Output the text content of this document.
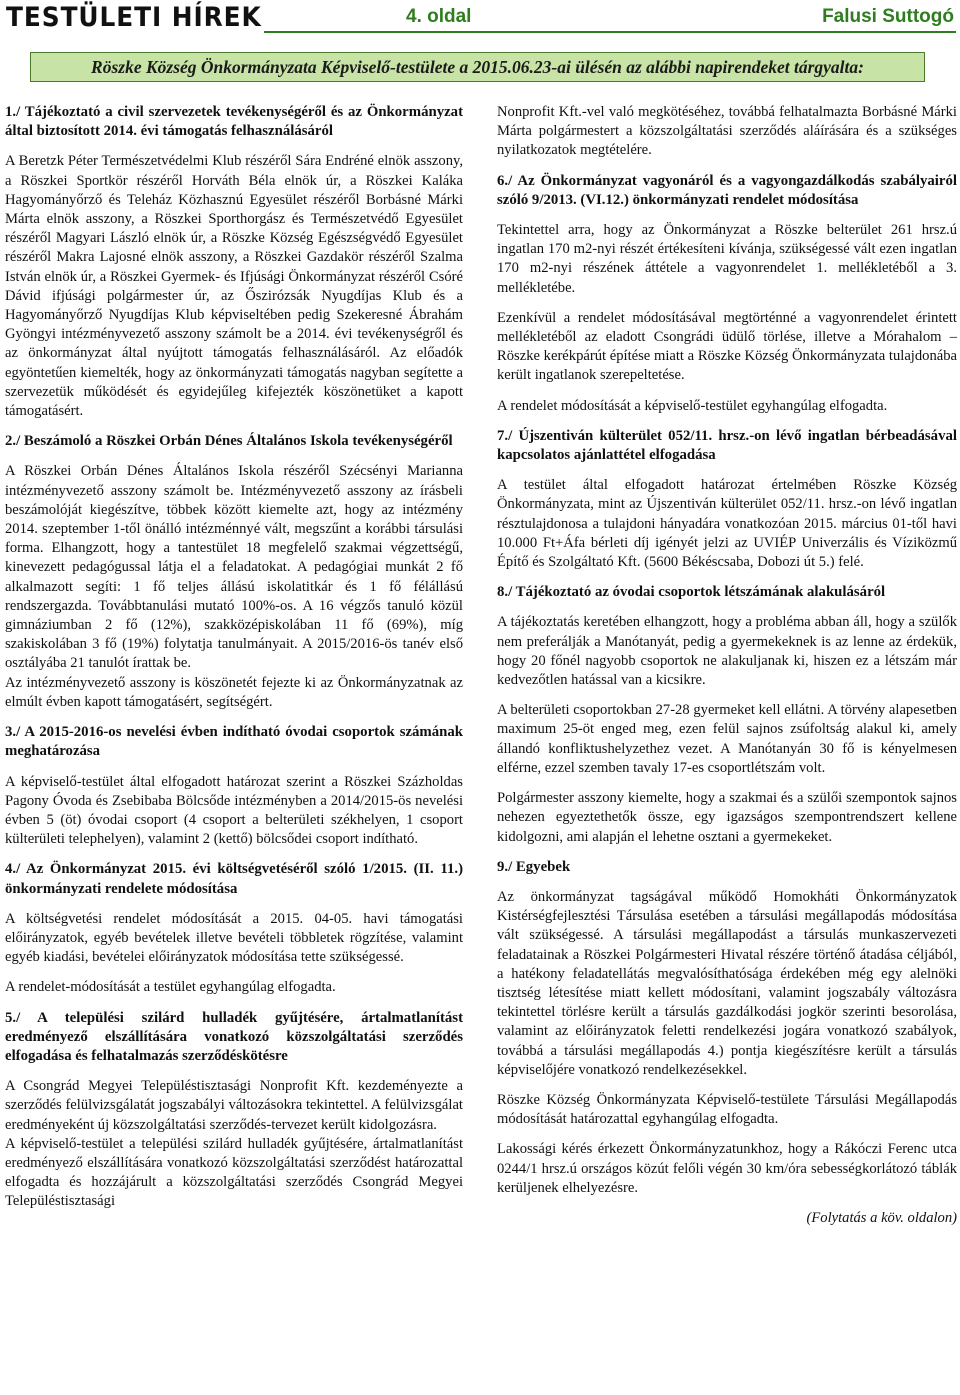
TESTÜLETI HÍREK	4. oldal	Falusi Suttogó
Röszke Község Önkormányzata Képviselő-testülete a 2015.06.23-ai ülésén az alábbi napirendeket tárgyalta:
1./ Tájékoztató a civil szervezetek tevékenységéről és az Önkormányzat által biztosított 2014. évi támogatás felhasználásáról

A Beretzk Péter Természetvédelmi Klub részéről Sára Endréné elnök asszony, a Röszkei Sportkör részéről Horváth Béla elnök úr, a Röszkei Kaláka Hagyományőrző és Teleház Közhasznú Egyesület részéről Borbásné Márki Márta elnök asszony, a Röszkei Sporthorgász és Természetvédő Egyesület részéről Magyari László elnök úr, a Röszke Község Egészségvédő Egyesület részéről Makra Lajosné elnök asszony, a Röszkei Gazdakör részéről Szalma István elnök úr, a Röszkei Gyermek- és Ifjúsági Önkormányzat részéről Csóré Dávid ifjúsági polgármester úr, az Őszirózsák Nyugdíjas Klub és a Hagyományőrző Nyugdíjas Klub képviseltében pedig Szekeresné Ábrahám Gyöngyi intézményvezető asszony számolt be a 2014. évi tevékenységről és az önkormányzat által nyújtott támogatás felhasználásáról. Az előadók egyöntetűen kiemelték, hogy az önkormányzati támogatás nagyban segítette a szervezetük működését és egyidejűleg kifejezték köszönetüket a kapott támogatásért.

2./ Beszámoló a Röszkei Orbán Dénes Általános Iskola tevékenységéről

A Röszkei Orbán Dénes Általános Iskola részéről Szécsényi Marianna intézményvezető asszony számolt be. Intézményvezető asszony az írásbeli beszámolóját kiegészítve, többek között kiemelte azt, hogy az intézmény 2014. szeptember 1-től önálló intézménnyé vált, megszűnt a korábbi társulási forma. Elhangzott, hogy a tantestület 18 megfelelő szakmai végzettségű, kinevezett pedagógussal látja el a feladatokat. A pedagógiai munkát 2 fő alkalmazott segíti: 1 fő teljes állású iskolatitkár és 1 fő félállású rendszergazda. Továbbtanulási mutató 100%-os. A 16 végzős tanuló közül gimnáziumban 2 fő (12%), szakközépiskolában 11 fő (69%), míg szakiskolában 3 fő (19%) folytatja tanulmányait. A 2015/2016-ös tanév első osztályába 21 tanulót írattak be.

Az intézményvezető asszony is köszönetét fejezte ki az Önkormányzatnak az elmúlt évben kapott támogatásért, segítségért.

3./ A 2015-2016-os nevelési évben indítható óvodai csoportok számának meghatározása

A képviselő-testület által elfogadott határozat szerint a Röszkei Százholdas Pagony Óvoda és Zsebibaba Bölcsőde intézményben a 2014/2015-ös nevelési évben 5 (öt) óvodai csoport (4 csoport a belterületi székhelyen, 1 csoport külterületi telephelyen), valamint 2 (kettő) bölcsődei csoport indítható.

4./ Az Önkormányzat 2015. évi költségvetéséről szóló 1/2015. (II. 11.) önkormányzati rendelete módosítása

A költségvetési rendelet módosítását a 2015. 04-05. havi támogatási előirányzatok, egyéb bevételek illetve bevételi többletek rögzítése, valamint egyéb kiadási, bevételei előirányzatok módosítása tette szükségessé.

A rendelet-módosítását a testület egyhangúlag elfogadta.

5./ A települési szilárd hulladék gyűjtésére, ártalmatlanítást eredményező elszállítására vonatkozó közszolgáltatási szerződés elfogadása és felhatalmazás szerződéskötésre

A Csongrád Megyei Településtisztasági Nonprofit Kft. kezdeményezte a szerződés felülvizsgálatát jogszabályi változásokra tekintettel. A felülvizsgálat eredményeként új közszolgáltatási szerződés-tervezet került kidolgozásra.

A képviselő-testület a települési szilárd hulladék gyűjtésére, ártalmatlanítást eredményező elszállítására vonatkozó közszolgáltatási szerződést határozattal elfogadta és hozzájárult a közszolgáltatási szerződés Csongrád Megyei Településtisztasági

Nonprofit Kft.-vel való megkötéséhez, továbbá felhatalmazta Borbásné Márki Márta polgármestert a közszolgáltatási szerződés aláírására és a szükséges nyilatkozatok megtételére.

6./ Az Önkormányzat vagyonáról és a vagyongazdálkodás szabályairól szóló 9/2013. (VI.12.) önkormányzati rendelet módosítása

Tekintettel arra, hogy az Önkormányzat a Röszke belterület 261 hrsz.ú ingatlan 170 m2-nyi részét értékesíteni kívánja, szükségessé vált ezen ingatlan 170 m2-nyi részének áttétele a vagyonrendelet 1. mellékletéből a 3. mellékletébe.

Ezenkívül a rendelet módosításával megtörténné a vagyonrendelet érintett mellékletéből az eladott Csongrádi üdülő törlése, illetve a Mórahalom – Röszke kerékpárút építése miatt a Röszke Község Önkormányzata tulajdonába került ingatlanok szerepeltetése.

A rendelet módosítását a képviselő-testület egyhangúlag elfogadta.

7./ Újszentiván külterület 052/11. hrsz.-on lévő ingatlan bérbeadásával kapcsolatos ajánlattétel elfogadása

A testület által elfogadott határozat értelmében Röszke Község Önkormányzata, mint az Újszentiván külterület 052/11. hrsz.-on lévő ingatlan résztulajdonosa a tulajdoni hányadára vonatkozóan 2015. március 01-től havi 10.000 Ft+Áfa bérleti díj igényét jelzi az UVIÉP Univerzális és Víziközmű Építő és Szolgáltató Kft. (5600 Békéscsaba, Dobozi út 5.) felé.

8./ Tájékoztató az óvodai csoportok létszámának alakulásáról

A tájékoztatás keretében elhangzott, hogy a probléma abban áll, hogy a szülők nem preferálják a Manótanyát, pedig a gyermekeknek is az lenne az érdekük, hogy 20 főnél nagyobb csoportok ne alakuljanak ki, hiszen ez a létszám már kedvezőtlen hatással van a kicsikre.

A belterületi csoportokban 27-28 gyermeket kell ellátni. A törvény alapesetben maximum 25-öt enged meg, ezen felül sajnos zsúfoltság alakul ki, amely állandó konfliktushelyzethez vezet. A Manótanyán 30 fő is kényelmesen elférne, ezzel szemben tavaly 17-es csoportlétszám volt.

Polgármester asszony kiemelte, hogy a szakmai és a szülői szempontok sajnos nehezen egyeztethetők össze, egy igazságos szempontrendszert kellene kidolgozni, ami alapján el lehetne osztani a gyermekeket.

9./ Egyebek

Az önkormányzat tagságával működő Homokháti Önkormányzatok Kistérségfejlesztési Társulása esetében a társulási megállapodás módosítása vált szükségessé. A társulási megállapodást a társulás munkaszervezeti feladatainak a Röszkei Polgármesteri Hivatal részére történő átadása céljából, a hatékony feladatellátás megvalósíthatósága érdekében még egy alelnöki tisztség létesítése miatt kellett módosítani, valamint jogszabály változásra tekintettel törlésre került a társulás gazdálkodási jogkör szerinti besorolása, valamint az előirányzatok feletti rendelkezési jogára vonatkozó szabályok, továbbá a társulási megállapodás 4.) pontja kiegészítésre került a társulás képviselőjére vonatkozó rendelkezésekkel.

Röszke Község Önkormányzata Képviselő-testülete Társulási Megállapodás módosítását határozattal egyhangúlag elfogadta.

Lakossági kérés érkezett Önkormányzatunkhoz, hogy a Rákóczi Ferenc utca 0244/1 hrsz.ú országos közút felőli végén 30 km/óra sebességkorlátozó táblák kerüljenek elhelyezésre.

(Folytatás a köv. oldalon)
